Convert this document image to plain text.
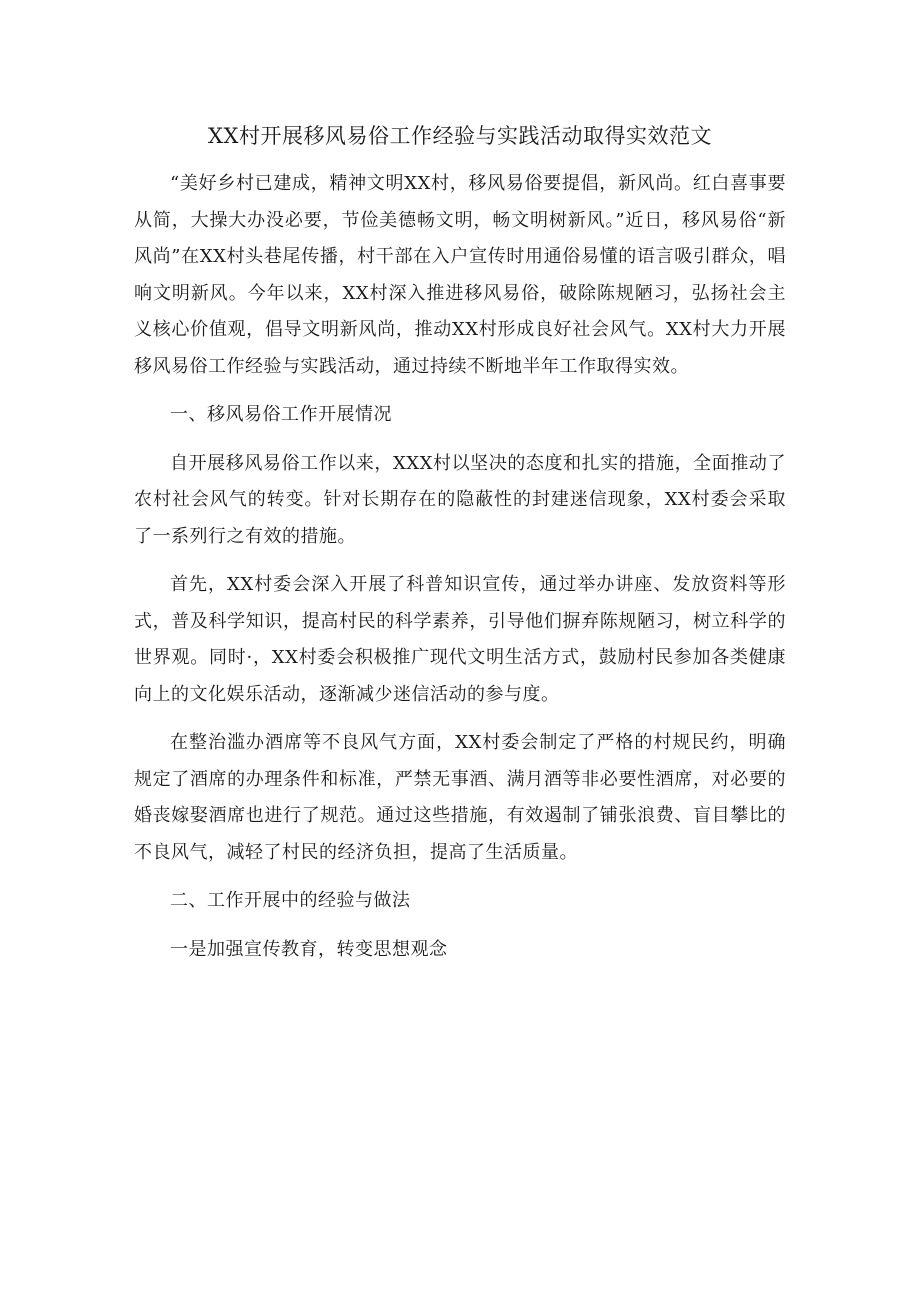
XX村开展移风易俗工作经验与实践活动取得实效范文

“美好乡村已建成，精神文明XX村，移风易俗要提倡，新风尚。红白喜事要从简，大操大办没必要，节俭美德畅文明，畅文明树新风。”近日，移风易俗“新风尚”在XX村头巷尾传播，村干部在入户宣传时用通俗易懂的语言吸引群众，唱响文明新风。今年以来，XX村深入推进移风易俗，破除陈规陋习，弘扬社会主义核心价值观，倡导文明新风尚，推动XX村形成良好社会风气。XX村大力开展移风易俗工作经验与实践活动，通过持续不断地半年工作取得实效。

一、移风易俗工作开展情况

自开展移风易俗工作以来，XXX村以坚决的态度和扎实的措施，全面推动了农村社会风气的转变。针对长期存在的隐蔽性的封建迷信现象，XX村委会采取了一系列行之有效的措施。

首先，XX村委会深入开展了科普知识宣传，通过举办讲座、发放资料等形式，普及科学知识，提高村民的科学素养，引导他们摒弃陈规陋习，树立科学的世界观。同时·，XX村委会积极推广现代文明生活方式，鼓励村民参加各类健康向上的文化娱乐活动，逐渐减少迷信活动的参与度。

在整治滥办酒席等不良风气方面，XX村委会制定了严格的村规民约，明确规定了酒席的办理条件和标准，严禁无事酒、满月酒等非必要性酒席，对必要的婚丧嫁娶酒席也进行了规范。通过这些措施，有效遏制了铺张浪费、盲目攀比的不良风气，减轻了村民的经济负担，提高了生活质量。

二、工作开展中的经验与做法

一是加强宣传教育，转变思想观念
